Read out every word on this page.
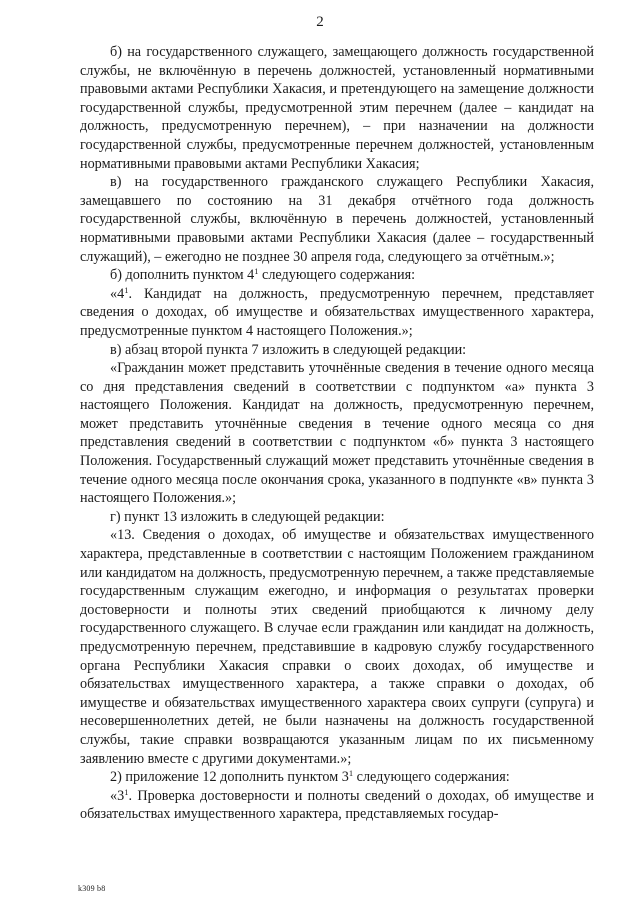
2

б) на государственного служащего, замещающего должность государственной службы, не включённую в перечень должностей, установленный нормативными правовыми актами Республики Хакасия, и претендующего на замещение должности государственной службы, предусмотренной этим перечнем (далее – кандидат на должность, предусмотренную перечнем), – при назначении на должности государственной службы, предусмотренные перечнем должностей, установленным нормативными правовыми актами Республики Хакасия;

в) на государственного гражданского служащего Республики Хакасия, замещавшего по состоянию на 31 декабря отчётного года должность государственной службы, включённую в перечень должностей, установленный нормативными правовыми актами Республики Хакасия (далее – государственный служащий), – ежегодно не позднее 30 апреля года, следующего за отчётным.»;

б) дополнить пунктом $4^1$ следующего содержания:

«$4^1$. Кандидат на должность, предусмотренную перечнем, представляет сведения о доходах, об имуществе и обязательствах имущественного характера, предусмотренные пунктом 4 настоящего Положения.»;

в) абзац второй пункта 7 изложить в следующей редакции:

«Гражданин может представить уточнённые сведения в течение одного месяца со дня представления сведений в соответствии с подпунктом «а» пункта 3 настоящего Положения. Кандидат на должность, предусмотренную перечнем, может представить уточнённые сведения в течение одного месяца со дня представления сведений в соответствии с подпунктом «б» пункта 3 настоящего Положения. Государственный служащий может представить уточнённые сведения в течение одного месяца после окончания срока, указанного в подпункте «в» пункта 3 настоящего Положения.»;

г) пункт 13 изложить в следующей редакции:

«13. Сведения о доходах, об имуществе и обязательствах имущественного характера, представленные в соответствии с настоящим Положением гражданином или кандидатом на должность, предусмотренную перечнем, а также представляемые государственным служащим ежегодно, и информация о результатах проверки достоверности и полноты этих сведений приобщаются к личному делу государственного служащего. В случае если гражданин или кандидат на должность, предусмотренную перечнем, представившие в кадровую службу государственного органа Республики Хакасия справки о своих доходах, об имуществе и обязательствах имущественного характера, а также справки о доходах, об имуществе и обязательствах имущественного характера своих супруги (супруга) и несовершеннолетних детей, не были назначены на должность государственной службы, такие справки возвращаются указанным лицам по их письменному заявлению вместе с другими документами.»;

2) приложение 12 дополнить пунктом $3^1$ следующего содержания:

«$3^1$. Проверка достоверности и полноты сведений о доходах, об имуществе и обязательствах имущественного характера, представляемых государ-

k309 b8
